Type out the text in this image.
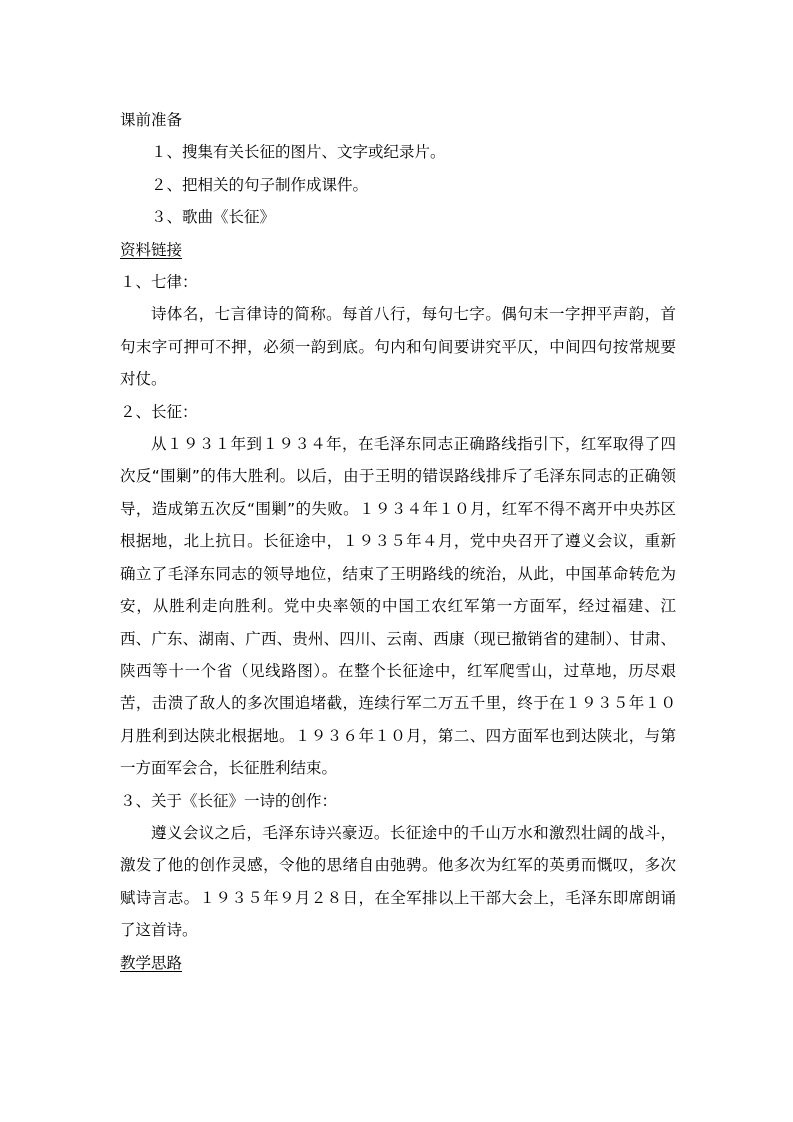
课前准备
１、搜集有关长征的图片、文字或纪录片。
２、把相关的句子制作成课件。
３、歌曲《长征》
资料链接
１、七律：
诗体名，七言律诗的简称。每首八行，每句七字。偶句末一字押平声韵，首句末字可押可不押，必须一韵到底。句内和句间要讲究平仄，中间四句按常规要对仗。
２、长征：
从１９３１年到１９３４年，在毛泽东同志正确路线指引下，红军取得了四次反“围剿”的伟大胜利。以后，由于王明的错误路线排斥了毛泽东同志的正确领导，造成第五次反“围剿”的失败。１９３４年１０月，红军不得不离开中央苏区根据地，北上抗日。长征途中，１９３５年４月，党中央召开了遵义会议，重新确立了毛泽东同志的领导地位，结束了王明路线的统治，从此，中国革命转危为安，从胜利走向胜利。党中央率领的中国工农红军第一方面军，经过福建、江西、广东、湖南、广西、贵州、四川、云南、西康（现已撤销省的建制）、甘肃、陕西等十一个省（见线路图）。在整个长征途中，红军爬雪山，过草地，历尽艰苦，击溃了敌人的多次围追堵截，连续行军二万五千里，终于在１９３５年１０月胜利到达陕北根据地。１９３６年１０月，第二、四方面军也到达陕北，与第一方面军会合，长征胜利结束。
３、关于《长征》一诗的创作：
遵义会议之后，毛泽东诗兴豪迈。长征途中的千山万水和激烈壮阔的战斗，激发了他的创作灵感，令他的思绪自由弛骋。他多次为红军的英勇而慨叹，多次赋诗言志。１９３５年９月２８日，在全军排以上干部大会上，毛泽东即席朗诵了这首诗。
教学思路
